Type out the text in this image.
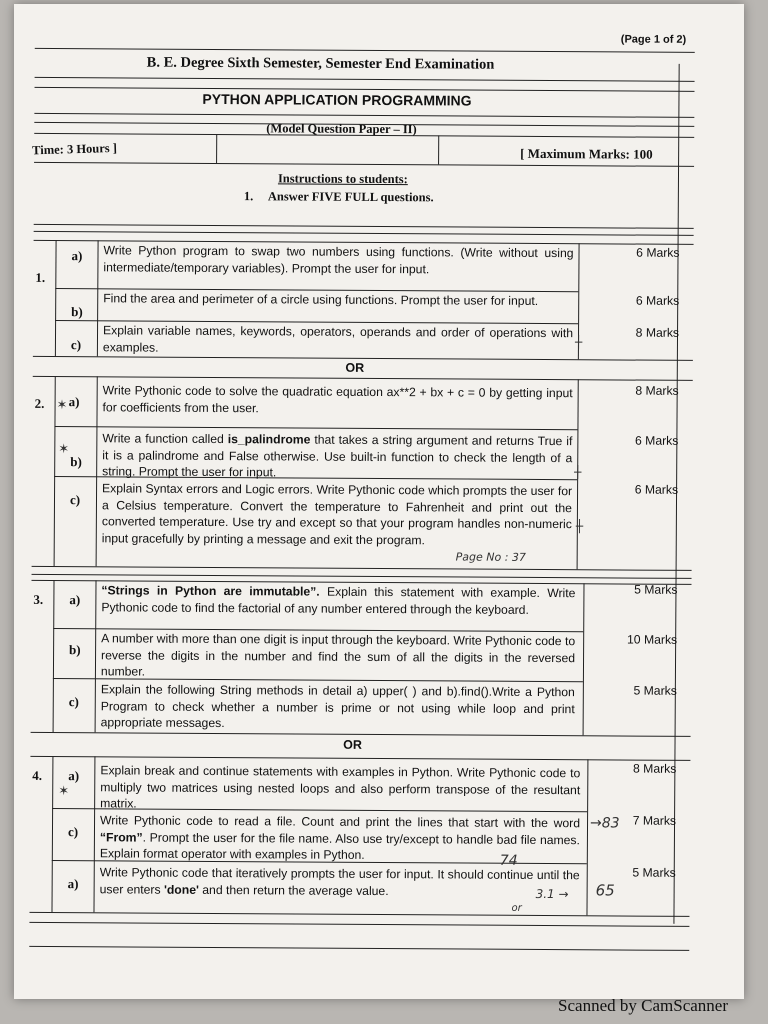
(Page 1 of 2)
B. E. Degree Sixth Semester, Semester End Examination
PYTHON APPLICATION PROGRAMMING
(Model Question Paper – II)
Time: 3 Hours ]	[ Maximum Marks: 100
Instructions to students:
1. Answer FIVE FULL questions.
1.
a) Write Python program to swap two numbers using functions. (Write without using intermediate/temporary variables). Prompt the user for input.
6 Marks
b)
Find the area and perimeter of a circle using functions. Prompt the user for input.	6 Marks
c)
Explain variable names, keywords, operators, operands and order of operations with examples.
8 Marks
OR
2. a)
Write Pythonic code to solve the quadratic equation ax**2 + bx + c = 0 by getting input for coefficients from the user.
8 Marks
b)
Write a function called is_palindrome that takes a string argument and returns True if it is a palindrome and False otherwise. Use built-in function to check the length of a string. Prompt the user for input.
6 Marks
c)
Explain Syntax errors and Logic errors. Write Pythonic code which prompts the user for a Celsius temperature. Convert the temperature to Fahrenheit and print out the converted temperature. Use try and except so that your program handles non-numeric input gracefully by printing a message and exit the program.
6 Marks
Page No : 37
3. a)
“Strings in Python are immutable”. Explain this statement with example. Write Pythonic code to find the factorial of any number entered through the keyboard.
5 Marks
b)
A number with more than one digit is input through the keyboard. Write Pythonic code to reverse the digits in the number and find the sum of all the digits in the reversed number.
10 Marks
c)
Explain the following String methods in detail a) upper( ) and b).find().Write a Python Program to check whether a number is prime or not using while loop and print appropriate messages.
5 Marks
OR
4. a) Explain break and continue statements with examples in Python. Write Pythonic code to multiply two matrices using nested loops and also perform transpose of the resultant matrix.
8 Marks
c)
Write Pythonic code to read a file. Count and print the lines that start with the word “From”. Prompt the user for the file name. Also use try/except to handle bad file names. Explain format operator with examples in Python.
7 Marks
a)
Write Pythonic code that iteratively prompts the user for input. It should continue until the user enters 'done' and then return the average value.
5 Marks
→83
74
3.1 → 65
or
✶
✶
✶
┼
┼
┼
Scanned by CamScanner
